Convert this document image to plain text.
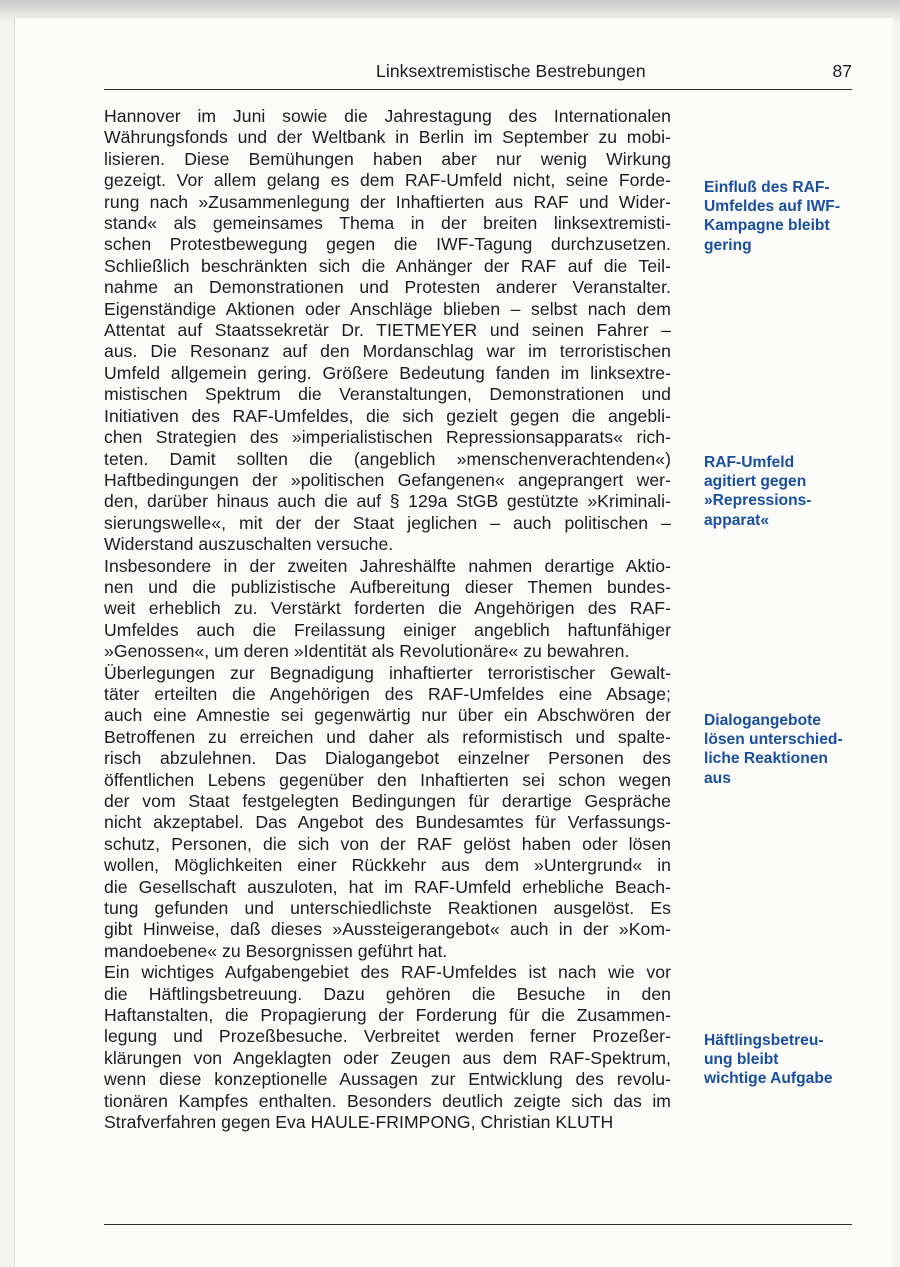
Linksextremistische Bestrebungen	87

Hannover im Juni sowie die Jahrestagung des Internationalen
Währungsfonds und der Weltbank in Berlin im September zu mobi-
lisieren. Diese Bemühungen haben aber nur wenig Wirkung
gezeigt. Vor allem gelang es dem RAF-Umfeld nicht, seine Forde-
rung nach »Zusammenlegung der Inhaftierten aus RAF und Wider-
stand« als gemeinsames Thema in der breiten linksextremisti-
schen Protestbewegung gegen die IWF-Tagung durchzusetzen.
Schließlich beschränkten sich die Anhänger der RAF auf die Teil-
nahme an Demonstrationen und Protesten anderer Veranstalter.
Eigenständige Aktionen oder Anschläge blieben – selbst nach dem
Attentat auf Staatssekretär Dr. TIETMEYER und seinen Fahrer –
aus. Die Resonanz auf den Mordanschlag war im terroristischen
Umfeld allgemein gering. Größere Bedeutung fanden im linksextre-
mistischen Spektrum die Veranstaltungen, Demonstrationen und
Initiativen des RAF-Umfeldes, die sich gezielt gegen die angebli-
chen Strategien des »imperialistischen Repressionsapparats« rich-
teten. Damit sollten die (angeblich »menschenverachtenden«)
Haftbedingungen der »politischen Gefangenen« angeprangert wer-
den, darüber hinaus auch die auf § 129a StGB gestützte »Kriminali-
sierungswelle«, mit der der Staat jeglichen – auch politischen –
Widerstand auszuschalten versuche.

Insbesondere in der zweiten Jahreshälfte nahmen derartige Aktio-
nen und die publizistische Aufbereitung dieser Themen bundes-
weit erheblich zu. Verstärkt forderten die Angehörigen des RAF-
Umfeldes auch die Freilassung einiger angeblich haftunfähiger
»Genossen«, um deren »Identität als Revolutionäre« zu bewahren.

Überlegungen zur Begnadigung inhaftierter terroristischer Gewalt-
täter erteilten die Angehörigen des RAF-Umfeldes eine Absage;
auch eine Amnestie sei gegenwärtig nur über ein Abschwören der
Betroffenen zu erreichen und daher als reformistisch und spalte-
risch abzulehnen. Das Dialogangebot einzelner Personen des
öffentlichen Lebens gegenüber den Inhaftierten sei schon wegen
der vom Staat festgelegten Bedingungen für derartige Gespräche
nicht akzeptabel. Das Angebot des Bundesamtes für Verfassungs-
schutz, Personen, die sich von der RAF gelöst haben oder lösen
wollen, Möglichkeiten einer Rückkehr aus dem »Untergrund« in
die Gesellschaft auszuloten, hat im RAF-Umfeld erhebliche Beach-
tung gefunden und unterschiedlichste Reaktionen ausgelöst. Es
gibt Hinweise, daß dieses »Aussteigerangebot« auch in der »Kom-
mandoebene« zu Besorgnissen geführt hat.

Ein wichtiges Aufgabengebiet des RAF-Umfeldes ist nach wie vor
die Häftlingsbetreuung. Dazu gehören die Besuche in den
Haftanstalten, die Propagierung der Forderung für die Zusammen-
legung und Prozeßbesuche. Verbreitet werden ferner Prozeßer-
klärungen von Angeklagten oder Zeugen aus dem RAF-Spektrum,
wenn diese konzeptionelle Aussagen zur Entwicklung des revolu-
tionären Kampfes enthalten. Besonders deutlich zeigte sich das im
Strafverfahren gegen Eva HAULE-FRIMPONG, Christian KLUTH

Einfluß des RAF-
Umfeldes auf IWF-
Kampagne bleibt
gering
RAF-Umfeld
agitiert gegen
»Repressions-
apparat«
Dialogangebote
lösen unterschied-
liche Reaktionen
aus
Häftlingsbetreu-
ung bleibt
wichtige Aufgabe
